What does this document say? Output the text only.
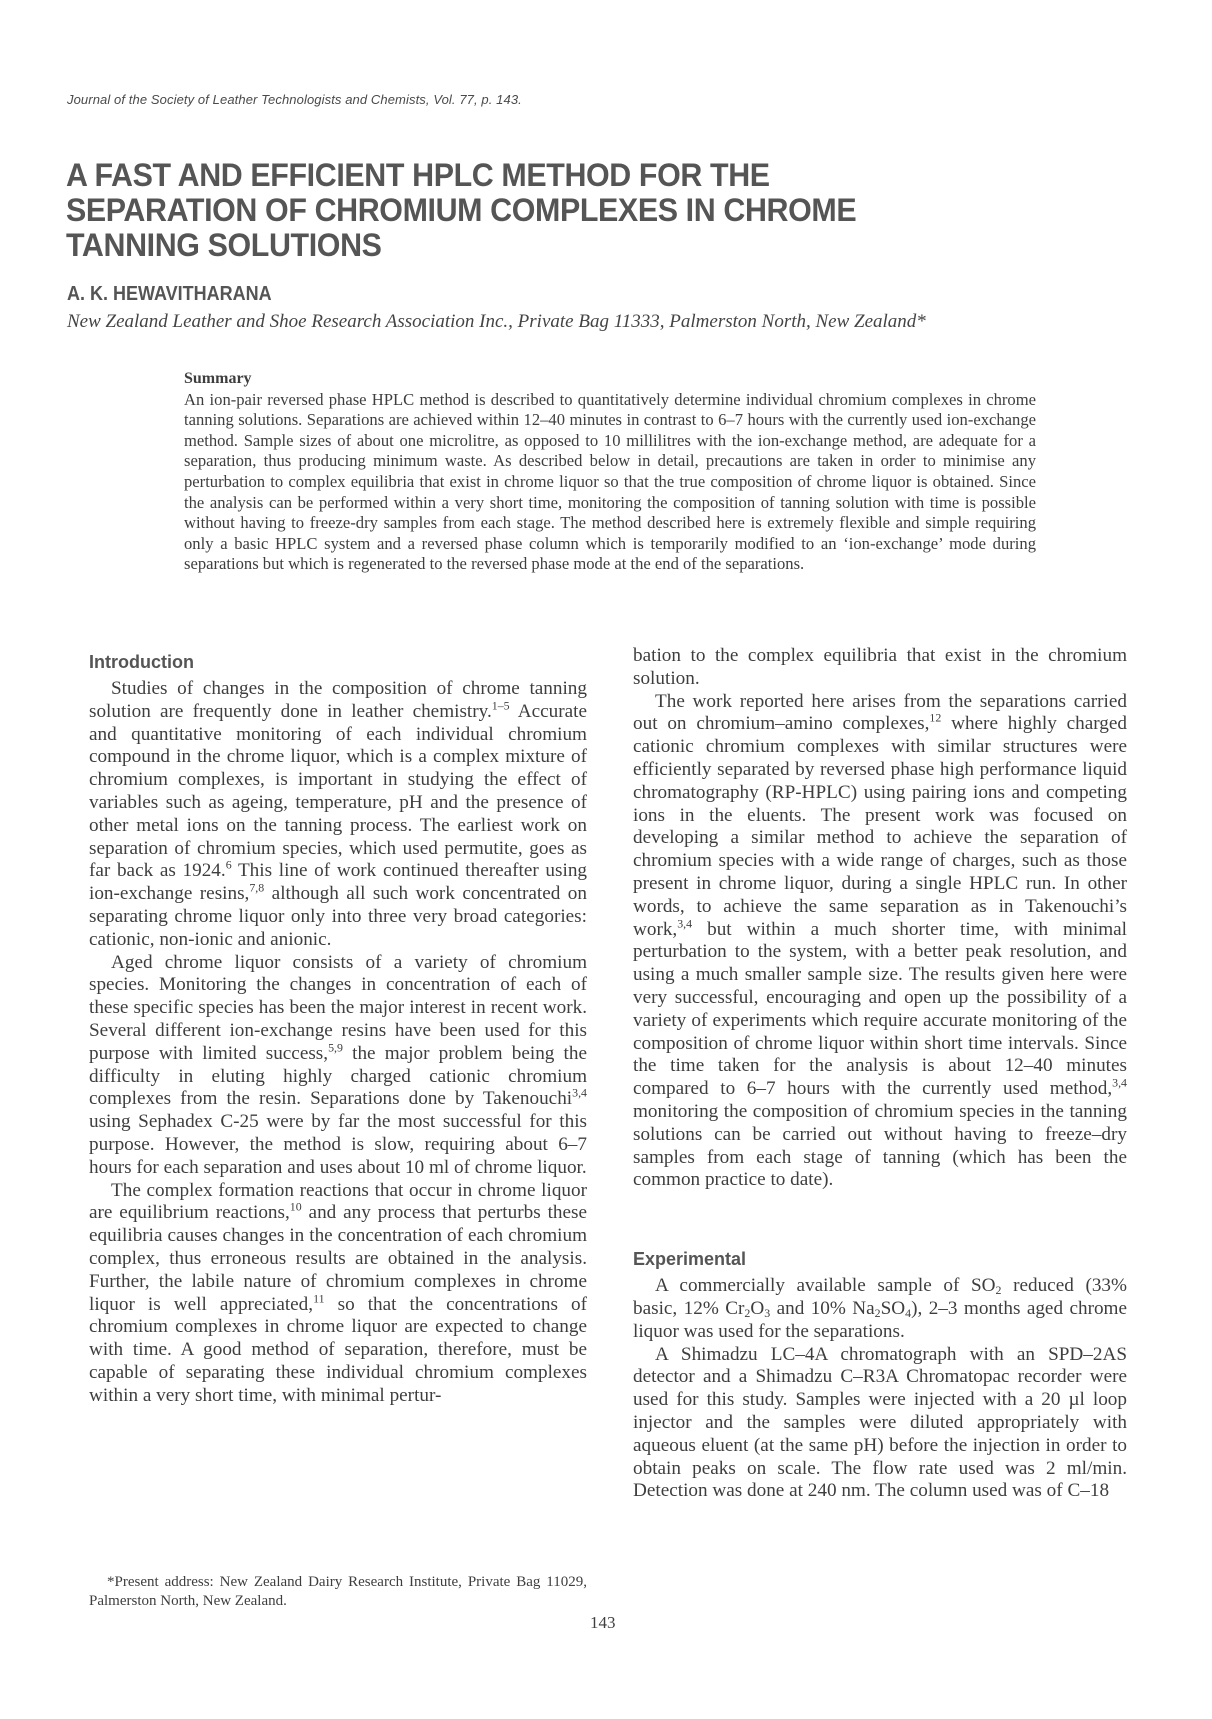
Journal of the Society of Leather Technologists and Chemists, Vol. 77, p. 143.
A FAST AND EFFICIENT HPLC METHOD FOR THE
SEPARATION OF CHROMIUM COMPLEXES IN CHROME
TANNING SOLUTIONS
A. K. HEWAVITHARANA
New Zealand Leather and Shoe Research Association Inc., Private Bag 11333, Palmerston North, New Zealand*
Summary
An ion-pair reversed phase HPLC method is described to quantitatively determine individual chromium complexes in chrome tanning solutions. Separations are achieved within 12–40 minutes in contrast to 6–7 hours with the currently used ion-exchange method. Sample sizes of about one microlitre, as opposed to 10 millilitres with the ion-exchange method, are adequate for a separation, thus producing minimum waste. As described below in detail, precautions are taken in order to minimise any perturbation to complex equilibria that exist in chrome liquor so that the true composition of chrome liquor is obtained. Since the analysis can be performed within a very short time, monitoring the composition of tanning solution with time is possible without having to freeze-dry samples from each stage. The method described here is extremely flexible and simple requiring only a basic HPLC system and a reversed phase column which is temporarily modified to an ‘ion-exchange’ mode during separations but which is regenerated to the reversed phase mode at the end of the separations.
Introduction

Studies of changes in the composition of chrome tanning solution are frequently done in leather chemistry.$^{1-5}$ Accurate and quantitative monitoring of each individual chromium compound in the chrome liquor, which is a complex mixture of chromium complexes, is important in studying the effect of variables such as ageing, temperature, pH and the presence of other metal ions on the tanning process. The earliest work on separation of chromium species, which used permutite, goes as far back as 1924.$^6$ This line of work continued thereafter using ion-exchange resins,$^{7,8}$ although all such work concentrated on separating chrome liquor only into three very broad categories: cationic, non-ionic and anionic.

Aged chrome liquor consists of a variety of chromium species. Monitoring the changes in concentration of each of these specific species has been the major interest in recent work. Several different ion-exchange resins have been used for this purpose with limited success,$^{5,9}$ the major problem being the difficulty in eluting highly charged cationic chromium complexes from the resin. Separations done by Takenouchi$^{3,4}$ using Sephadex C-25 were by far the most successful for this purpose. However, the method is slow, requiring about 6–7 hours for each separation and uses about 10 ml of chrome liquor.

The complex formation reactions that occur in chrome liquor are equilibrium reactions,$^{10}$ and any process that perturbs these equilibria causes changes in the concentration of each chromium complex, thus erroneous results are obtained in the analysis. Further, the labile nature of chromium complexes in chrome liquor is well appreciated,$^{11}$ so that the concentrations of chromium complexes in chrome liquor are expected to change with time. A good method of separation, therefore, must be capable of separating these individual chromium complexes within a very short time, with minimal pertur-

bation to the complex equilibria that exist in the chromium solution.

The work reported here arises from the separations carried out on chromium–amino complexes,$^{12}$ where highly charged cationic chromium complexes with similar structures were efficiently separated by reversed phase high performance liquid chromatography (RP-HPLC) using pairing ions and competing ions in the eluents. The present work was focused on developing a similar method to achieve the separation of chromium species with a wide range of charges, such as those present in chrome liquor, during a single HPLC run. In other words, to achieve the same separation as in Takenouchi’s work,$^{3,4}$ but within a much shorter time, with minimal perturbation to the system, with a better peak resolution, and using a much smaller sample size. The results given here were very successful, encouraging and open up the possibility of a variety of experiments which require accurate monitoring of the composition of chrome liquor within short time intervals. Since the time taken for the analysis is about 12–40 minutes compared to 6–7 hours with the currently used method,$^{3,4}$ monitoring the composition of chromium species in the tanning solutions can be carried out without having to freeze–dry samples from each stage of tanning (which has been the common practice to date).

Experimental

A commercially available sample of $SO_2$ reduced (33% basic, 12% $Cr_2O_3$ and 10% $Na_2SO_4$), 2–3 months aged chrome liquor was used for the separations.

A Shimadzu LC–4A chromatograph with an SPD–2AS detector and a Shimadzu C–R3A Chromatopac recorder were used for this study. Samples were injected with a 20 µl loop injector and the samples were diluted appropriately with aqueous eluent (at the same pH) before the injection in order to obtain peaks on scale. The flow rate used was 2 ml/min. Detection was done at 240 nm. The column used was of C–18

*Present address: New Zealand Dairy Research Institute, Private Bag 11029, Palmerston North, New Zealand.
143
